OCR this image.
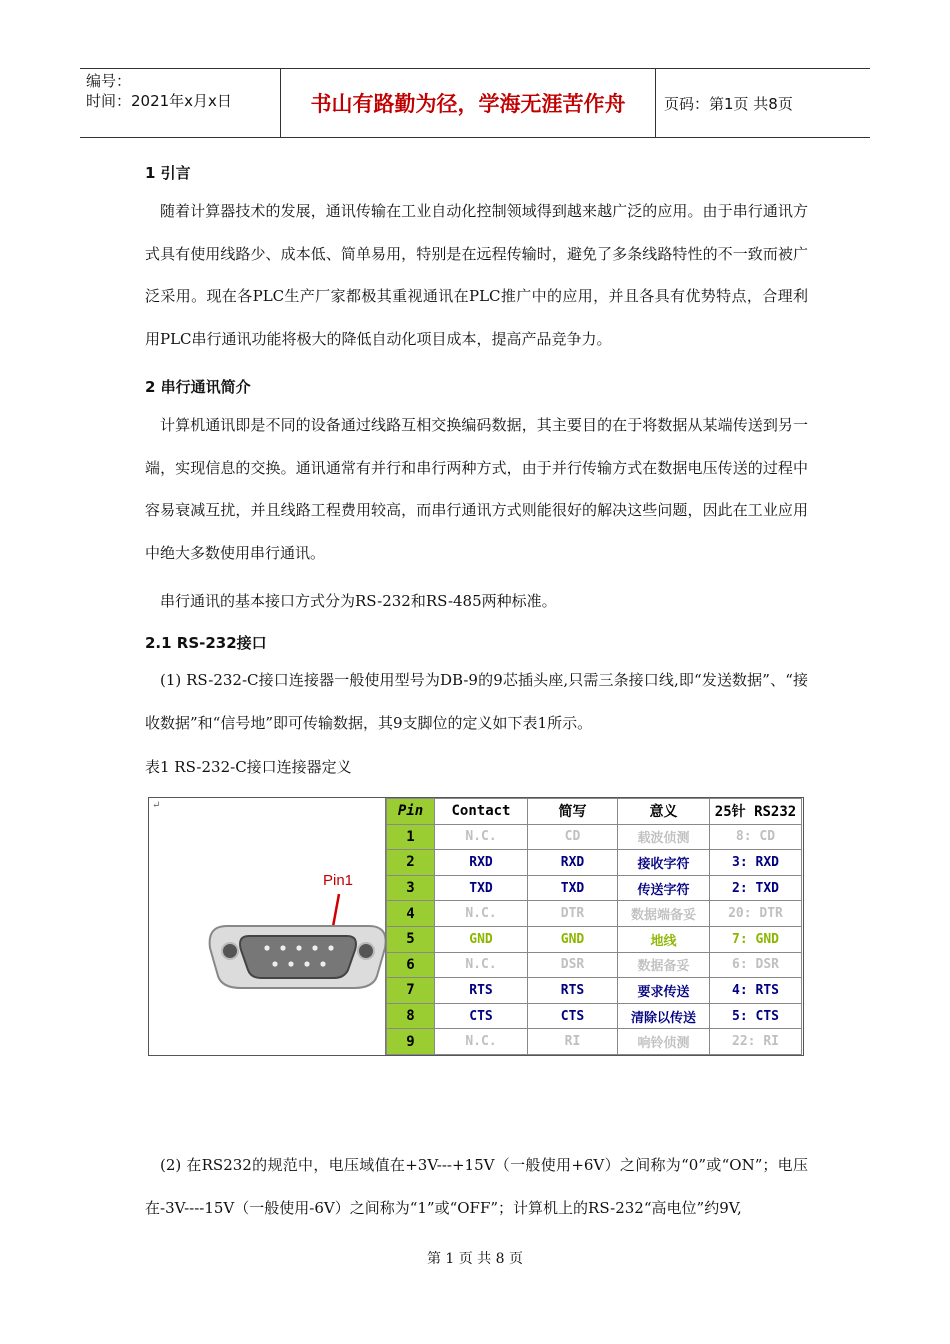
编号：
时间：2021年x月x日	书山有路勤为径，学海无涯苦作舟	页码：第1页 共8页
1 引言
随着计算器技术的发展，通讯传输在工业自动化控制领域得到越来越广泛的应用。由于串行通讯方式具有使用线路少、成本低、简单易用，特别是在远程传输时，避免了多条线路特性的不一致而被广泛采用。现在各PLC生产厂家都极其重视通讯在PLC推广中的应用，并且各具有优势特点，合理利用PLC串行通讯功能将极大的降低自动化项目成本，提高产品竞争力。
2 串行通讯简介
计算机通讯即是不同的设备通过线路互相交换编码数据，其主要目的在于将数据从某端传送到另一端，实现信息的交换。通讯通常有并行和串行两种方式，由于并行传输方式在数据电压传送的过程中容易衰减互扰，并且线路工程费用较高，而串行通讯方式则能很好的解决这些问题，因此在工业应用中绝大多数使用串行通讯。
串行通讯的基本接口方式分为RS-232和RS-485两种标准。
2.1 RS-232接口
(1) RS-232-C接口连接器一般使用型号为DB-9的9芯插头座,只需三条接口线,即“发送数据”、“接收数据”和“信号地”即可传输数据，其9支脚位的定义如下表1所示。
表1 RS-232-C接口连接器定义
↵
Pin1
Pin	Contact	简写	意义	25针 RS232
1	N.C.	CD	载波侦测	8: CD
2	RXD	RXD	接收字符	3: RXD
3	TXD	TXD	传送字符	2: TXD
4	N.C.	DTR	数据端备妥	20: DTR
5	GND	GND	地线	7: GND
6	N.C.	DSR	数据备妥	6: DSR
7	RTS	RTS	要求传送	4: RTS
8	CTS	CTS	清除以传送	5: CTS
9	N.C.	RI	响铃侦测	22: RI
(2) 在RS232的规范中，电压域值在+3V---+15V（一般使用+6V）之间称为“0”或“ON”；电压在-3V----15V（一般使用-6V）之间称为“1”或“OFF”；计算机上的RS-232“高电位”约9V,
第 1 页 共 8 页
